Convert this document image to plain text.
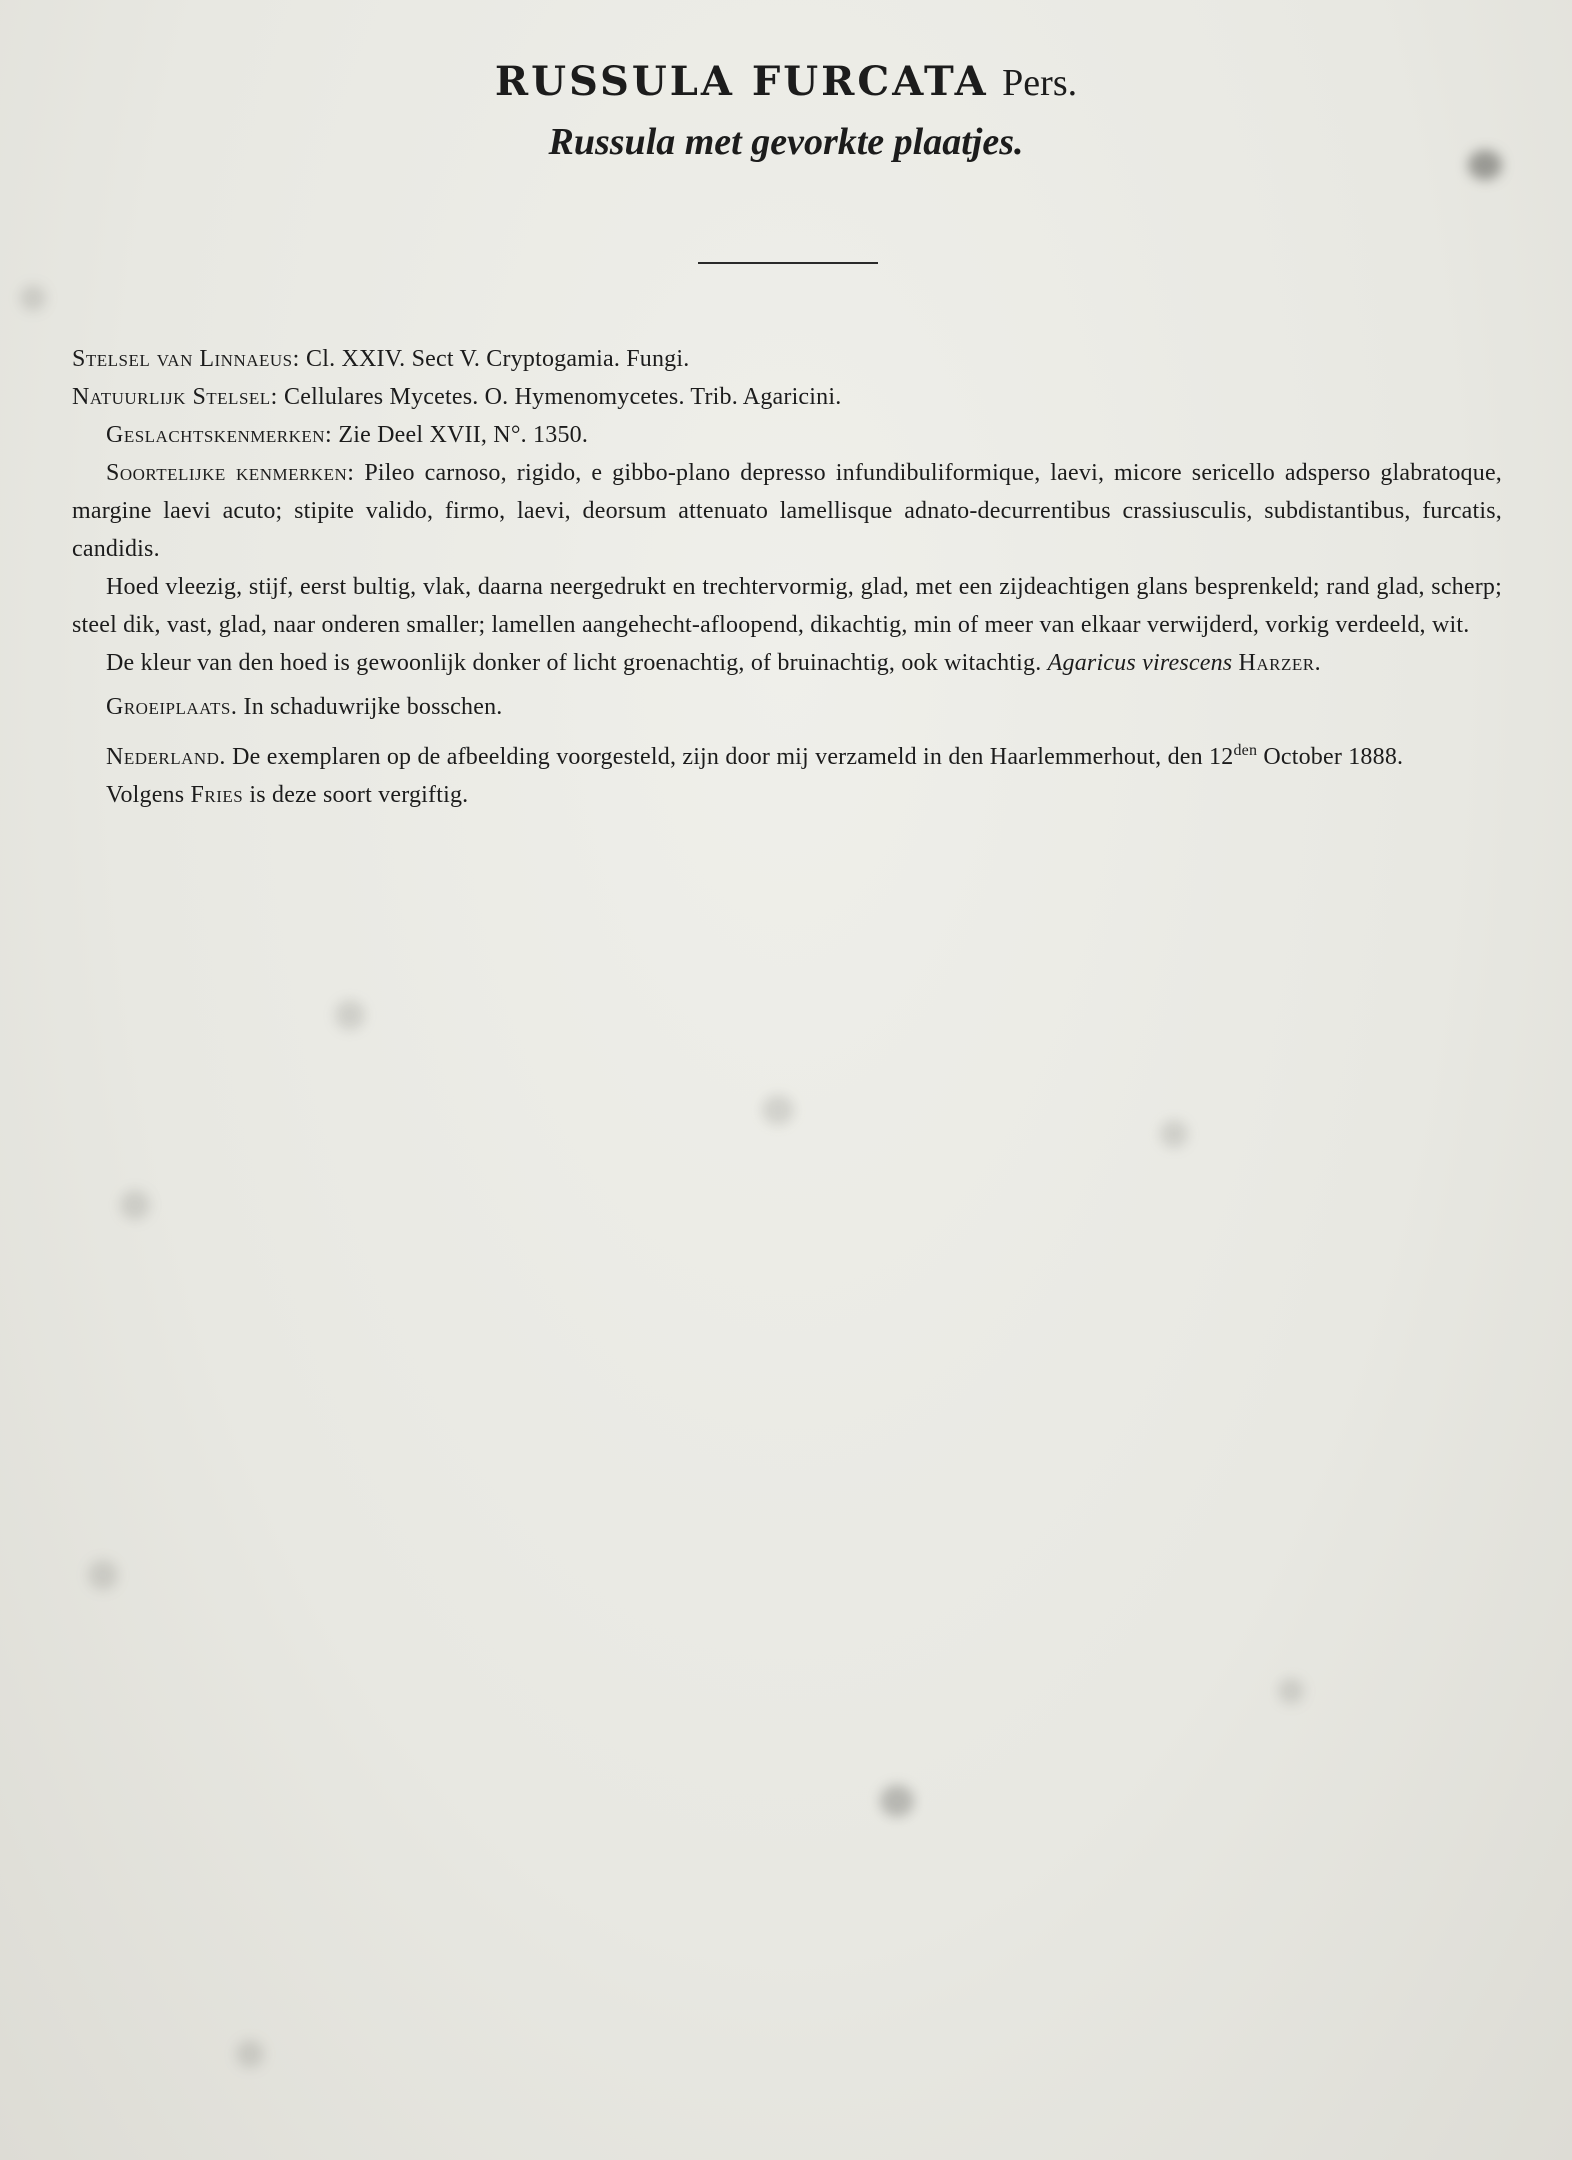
RUSSULA FURCATA Pers.
Russula met gevorkte plaatjes.

Stelsel van Linnaeus: Cl. XXIV. Sect V. Cryptogamia. Fungi.

Natuurlijk Stelsel: Cellulares Mycetes. O. Hymenomycetes. Trib. Agaricini.

Geslachtskenmerken: Zie Deel XVII, N°. 1350.

Soortelijke kenmerken: Pileo carnoso, rigido, e gibbo-plano depresso infundibuliformique, laevi, micore sericello adsperso glabratoque, margine laevi acuto; stipite valido, firmo, laevi, deorsum attenuato lamellisque adnato-decurrentibus crassiusculis, subdistantibus, furcatis, candidis.

Hoed vleezig, stijf, eerst bultig, vlak, daarna neergedrukt en trechtervormig, glad, met een zijdeachtigen glans besprenkeld; rand glad, scherp; steel dik, vast, glad, naar onderen smaller; lamellen aangehecht-afloopend, dikachtig, min of meer van elkaar verwijderd, vorkig verdeeld, wit.

De kleur van den hoed is gewoonlijk donker of licht groenachtig, of bruinachtig, ook witachtig. Agaricus virescens Harzer.

Groeiplaats. In schaduwrijke bosschen.

Nederland. De exemplaren op de afbeelding voorgesteld, zijn door mij verzameld in den Haarlemmerhout, den $12^{den}$ October 1888.

Volgens Fries is deze soort vergiftig.
